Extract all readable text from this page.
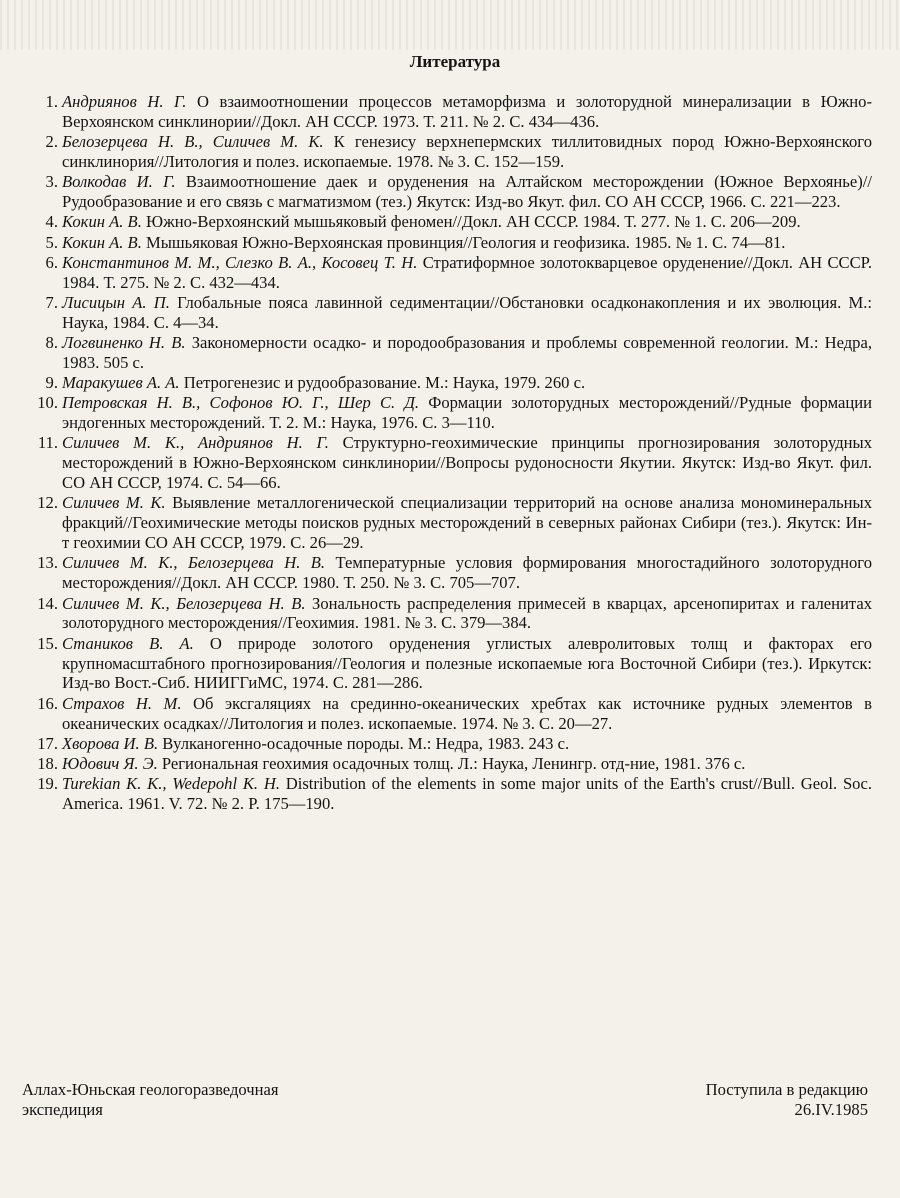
Литература
1. Андриянов Н. Г. О взаимоотношении процессов метаморфизма и золоторудной минерализации в Южно-Верхоянском синклинории//Докл. АН СССР. 1973. Т. 211. № 2. С. 434—436.
2. Белозерцева Н. В., Силичев М. К. К генезису верхнепермских тиллитовидных пород Южно-Верхоянского синклинория//Литология и полез. ископаемые. 1978. № 3. С. 152—159.
3. Волкодав И. Г. Взаимоотношение даек и оруденения на Алтайском месторождении (Южное Верхоянье)//Рудообразование и его связь с магматизмом (тез.) Якутск: Изд-во Якут. фил. СО АН СССР, 1966. С. 221—223.
4. Кокин А. В. Южно-Верхоянский мышьяковый феномен//Докл. АН СССР. 1984. Т. 277. № 1. С. 206—209.
5. Кокин А. В. Мышьяковая Южно-Верхоянская провинция//Геология и геофизика. 1985. № 1. С. 74—81.
6. Константинов М. М., Слезко В. А., Косовец Т. Н. Стратиформное золотокварцевое оруденение//Докл. АН СССР. 1984. Т. 275. № 2. С. 432—434.
7. Лисицын А. П. Глобальные пояса лавинной седиментации//Обстановки осадконакопления и их эволюция. М.: Наука, 1984. С. 4—34.
8. Логвиненко Н. В. Закономерности осадко- и породообразования и проблемы современной геологии. М.: Недра, 1983. 505 с.
9. Маракушев А. А. Петрогенезис и рудообразование. М.: Наука, 1979. 260 с.
10. Петровская Н. В., Софонов Ю. Г., Шер С. Д. Формации золоторудных месторождений//Рудные формации эндогенных месторождений. Т. 2. М.: Наука, 1976. С. 3—110.
11. Силичев М. К., Андриянов Н. Г. Структурно-геохимические принципы прогнозирования золоторудных месторождений в Южно-Верхоянском синклинории//Вопросы рудоносности Якутии. Якутск: Изд-во Якут. фил. СО АН СССР, 1974. С. 54—66.
12. Силичев М. К. Выявление металлогенической специализации территорий на основе анализа мономинеральных фракций//Геохимические методы поисков рудных месторождений в северных районах Сибири (тез.). Якутск: Ин-т геохимии СО АН СССР, 1979. С. 26—29.
13. Силичев М. К., Белозерцева Н. В. Температурные условия формирования многостадийного золоторудного месторождения//Докл. АН СССР. 1980. Т. 250. № 3. С. 705—707.
14. Силичев М. К., Белозерцева Н. В. Зональность распределения примесей в кварцах, арсенопиритах и галенитах золоторудного месторождения//Геохимия. 1981. № 3. С. 379—384.
15. Стаников В. А. О природе золотого оруденения углистых алевролитовых толщ и факторах его крупномасштабного прогнозирования//Геология и полезные ископаемые юга Восточной Сибири (тез.). Иркутск: Изд-во Вост.-Сиб. НИИГГиМС, 1974. С. 281—286.
16. Страхов Н. М. Об эксгаляциях на срединно-океанических хребтах как источнике рудных элементов в океанических осадках//Литология и полез. ископаемые. 1974. № 3. С. 20—27.
17. Хворова И. В. Вулканогенно-осадочные породы. М.: Недра, 1983. 243 с.
18. Юдович Я. Э. Региональная геохимия осадочных толщ. Л.: Наука, Ленингр. отд-ние, 1981. 376 с.
19. Turekian K. K., Wedepohl K. H. Distribution of the elements in some major units of the Earth's crust//Bull. Geol. Soc. America. 1961. V. 72. № 2. P. 175—190.
Аллах-Юньская геологоразведочная
экспедиция
Поступила в редакцию
26.IV.1985
